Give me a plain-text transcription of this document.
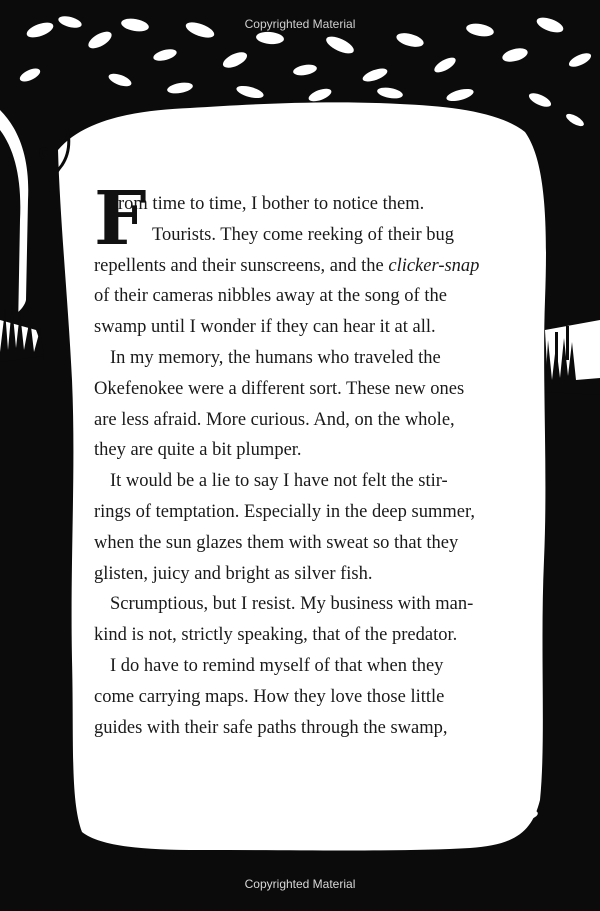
Copyrighted Material
F
rom time to time, I bother to notice them.
Tourists. They come reeking of their bug
repellents and their sunscreens, and the clicker-snap
of their cameras nibbles away at the song of the
swamp until I wonder if they can hear it at all.
In my memory, the humans who traveled the
Okefenokee were a different sort. These new ones
are less afraid. More curious. And, on the whole,
they are quite a bit plumper.
It would be a lie to say I have not felt the stir-
rings of temptation. Especially in the deep summer,
when the sun glazes them with sweat so that they
glisten, juicy and bright as silver fish.
Scrumptious, but I resist. My business with man-
kind is not, strictly speaking, that of the predator.
I do have to remind myself of that when they
come carrying maps. How they love those little
guides with their safe paths through the swamp,
Copyrighted Material
